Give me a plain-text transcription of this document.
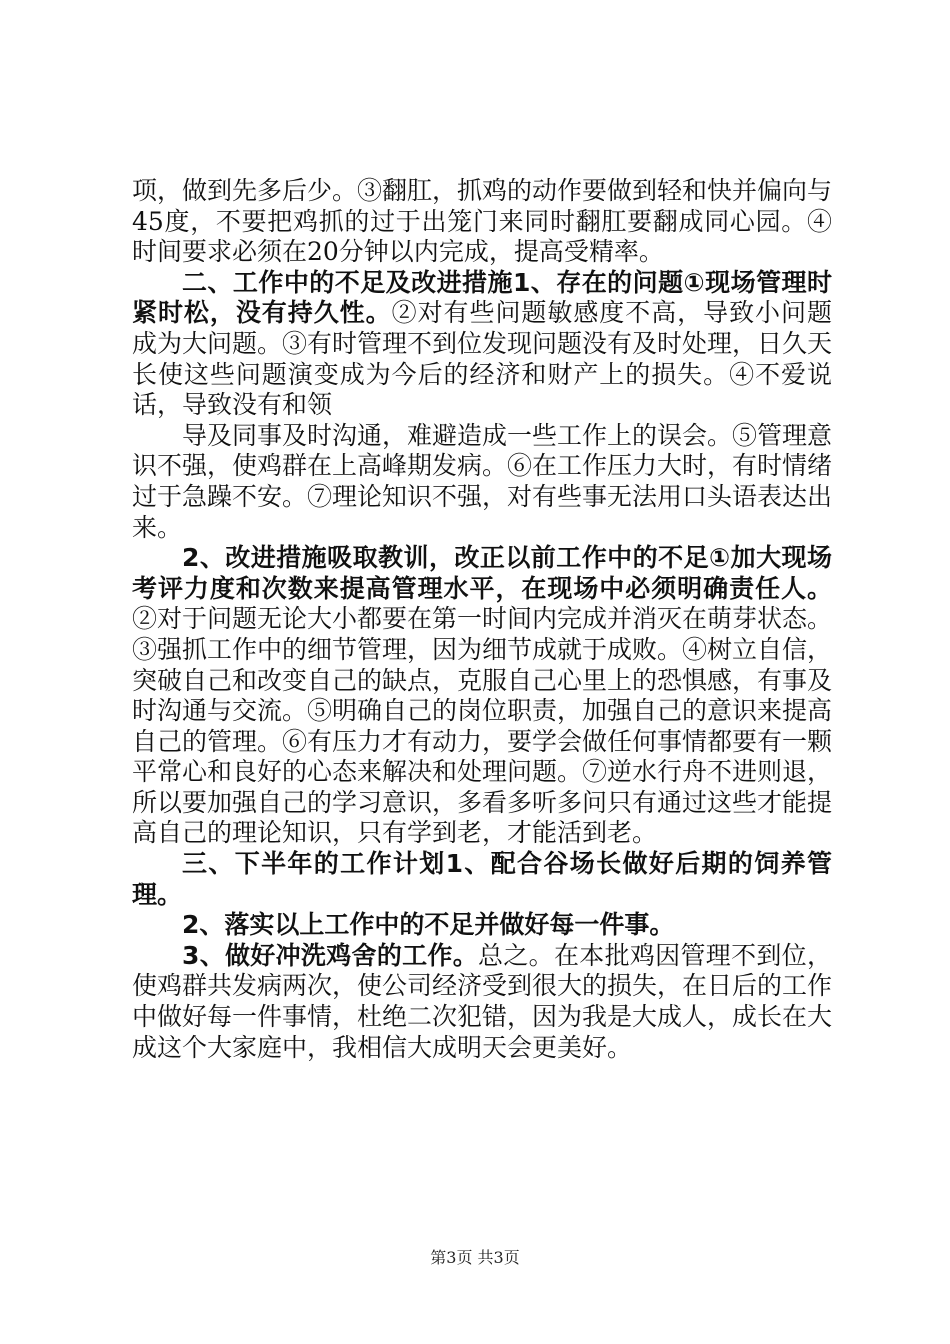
项，做到先多后少。③翻肛，抓鸡的动作要做到轻和快并偏向与45度，不要把鸡抓的过于出笼门来同时翻肛要翻成同心园。④时间要求必须在20分钟以内完成，提高受精率。

二、工作中的不足及改进措施1、存在的问题①现场管理时紧时松，没有持久性。②对有些问题敏感度不高，导致小问题成为大问题。③有时管理不到位发现问题没有及时处理，日久天长使这些问题演变成为今后的经济和财产上的损失。④不爱说话，导致没有和领

导及同事及时沟通，难避造成一些工作上的误会。⑤管理意识不强，使鸡群在上高峰期发病。⑥在工作压力大时，有时情绪过于急躁不安。⑦理论知识不强，对有些事无法用口头语表达出来。

2、改进措施吸取教训，改正以前工作中的不足①加大现场考评力度和次数来提高管理水平，在现场中必须明确责任人。②对于问题无论大小都要在第一时间内完成并消灭在萌芽状态。③强抓工作中的细节管理，因为细节成就于成败。④树立自信，突破自己和改变自己的缺点，克服自己心里上的恐惧感，有事及时沟通与交流。⑤明确自己的岗位职责，加强自己的意识来提高自己的管理。⑥有压力才有动力，要学会做任何事情都要有一颗平常心和良好的心态来解决和处理问题。⑦逆水行舟不进则退，所以要加强自己的学习意识，多看多听多问只有通过这些才能提高自己的理论知识，只有学到老，才能活到老。

三、下半年的工作计划1、配合谷场长做好后期的饲养管理。

2、落实以上工作中的不足并做好每一件事。

3、做好冲洗鸡舍的工作。总之。在本批鸡因管理不到位，使鸡群共发病两次，使公司经济受到很大的损失，在日后的工作中做好每一件事情，杜绝二次犯错，因为我是大成人，成长在大成这个大家庭中，我相信大成明天会更美好。

第3页 共3页
